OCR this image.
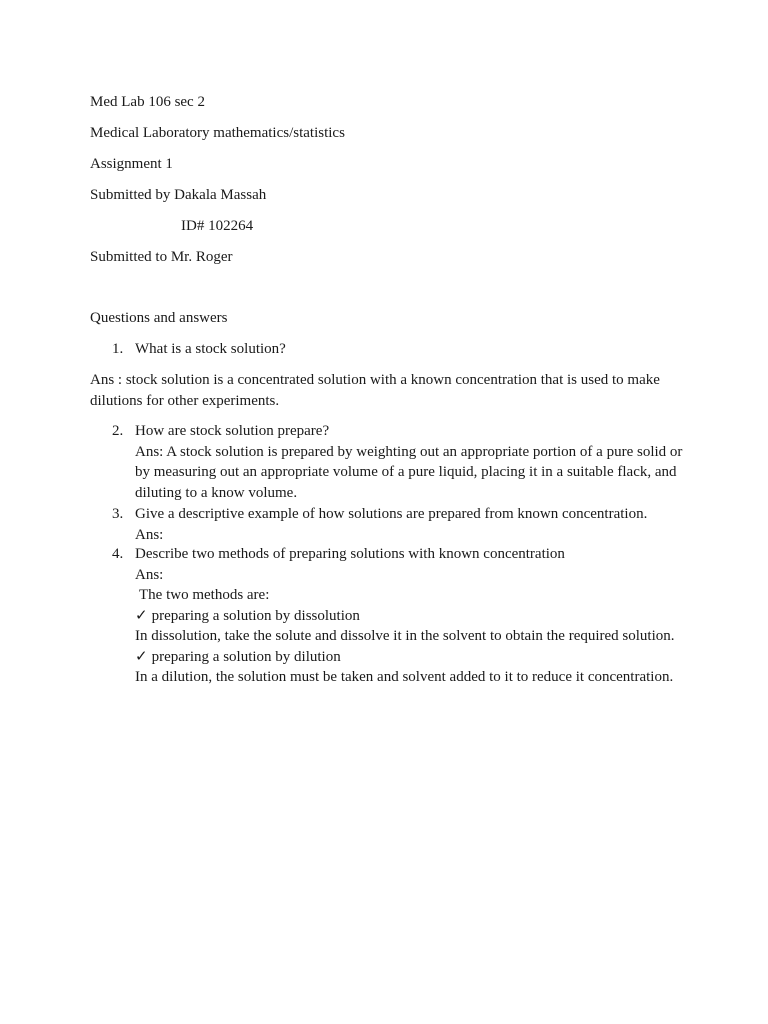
Med Lab 106 sec 2
Medical Laboratory mathematics/statistics
Assignment 1
Submitted by Dakala Massah
ID# 102264
Submitted to Mr. Roger
Questions and answers
1. What is a stock solution?
Ans : stock solution is a concentrated solution with a known concentration that is used to make dilutions for other experiments.
2. How are stock solution prepare?
Ans: A stock solution is prepared by weighting out an appropriate portion of a pure solid or by measuring out an appropriate volume of a pure liquid, placing it in a suitable flack, and diluting to a know volume.
3. Give a descriptive example of how solutions are prepared from known concentration.
Ans:
4. Describe two methods of preparing solutions with known concentration
Ans:
The two methods are:
✓ preparing a solution by dissolution
In dissolution, take the solute and dissolve it in the solvent to obtain the required solution.
✓ preparing a solution by dilution
In a dilution, the solution must be taken and solvent added to it to reduce it concentration.
